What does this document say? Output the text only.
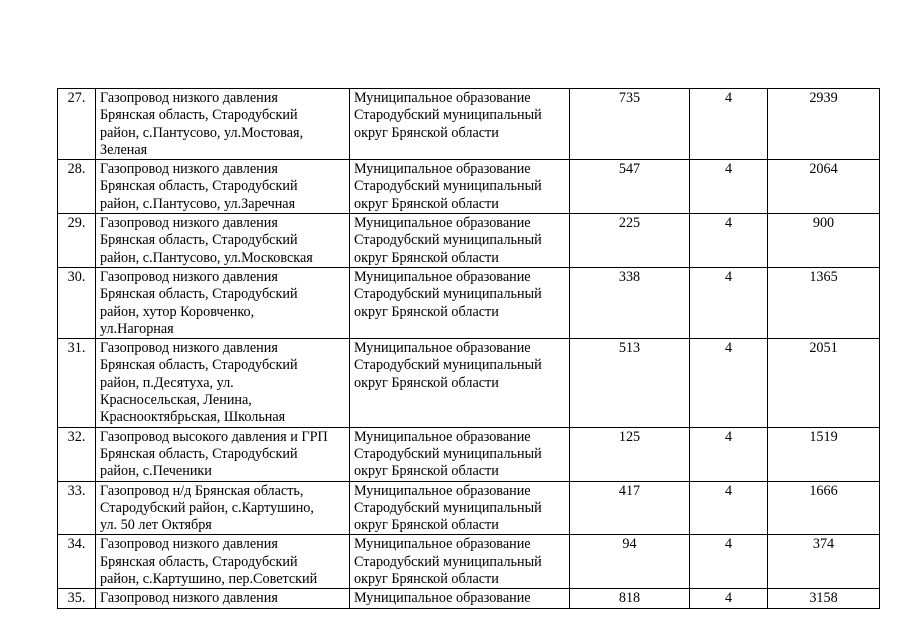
27.	Газопровод низкого давления
Брянская область, Стародубский
район, с.Пантусово, ул.Мостовая,
Зеленая	Муниципальное образование
Стародубский муниципальный
округ Брянской области	735	4	2939
28.	Газопровод низкого давления
Брянская область, Стародубский
район, с.Пантусово, ул.Заречная	Муниципальное образование
Стародубский муниципальный
округ Брянской области	547	4	2064
29.	Газопровод низкого давления
Брянская область, Стародубский
район, с.Пантусово, ул.Московская	Муниципальное образование
Стародубский муниципальный
округ Брянской области	225	4	900
30.	Газопровод низкого давления
Брянская область, Стародубский
район, хутор Коровченко,
ул.Нагорная	Муниципальное образование
Стародубский муниципальный
округ Брянской области	338	4	1365
31.	Газопровод низкого давления
Брянская область, Стародубский
район, п.Десятуха, ул.
Красносельская, Ленина,
Краснооктябрьская, Школьная	Муниципальное образование
Стародубский муниципальный
округ Брянской области	513	4	2051
32.	Газопровод высокого давления и ГРП
Брянская область, Стародубский
район, с.Печеники	Муниципальное образование
Стародубский муниципальный
округ Брянской области	125	4	1519
33.	Газопровод н/д Брянская область,
Стародубский район, с.Картушино,
ул. 50 лет Октября	Муниципальное образование
Стародубский муниципальный
округ Брянской области	417	4	1666
34.	Газопровод низкого давления
Брянская область, Стародубский
район, с.Картушино, пер.Советский	Муниципальное образование
Стародубский муниципальный
округ Брянской области	94	4	374
35.	Газопровод низкого давления	Муниципальное образование	818	4	3158
